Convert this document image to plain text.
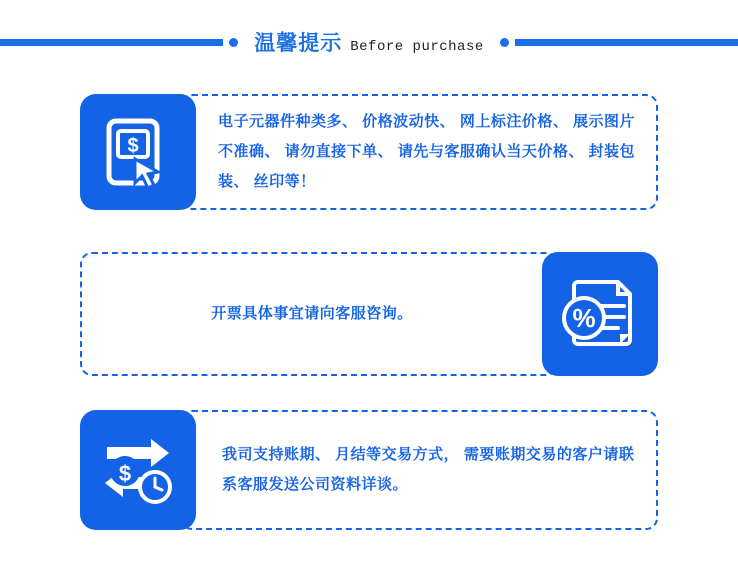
温馨提示 Before purchase
$

电子元器件种类多、 价格波动快、 网上标注价格、 展示图片不准确、 请勿直接下单、 请先与客服确认当天价格、 封装包装、 丝印等！

开票具体事宜请向客服咨询。	%
$

我司支持账期、 月结等交易方式， 需要账期交易的客户请联系客服发送公司资料详谈。
